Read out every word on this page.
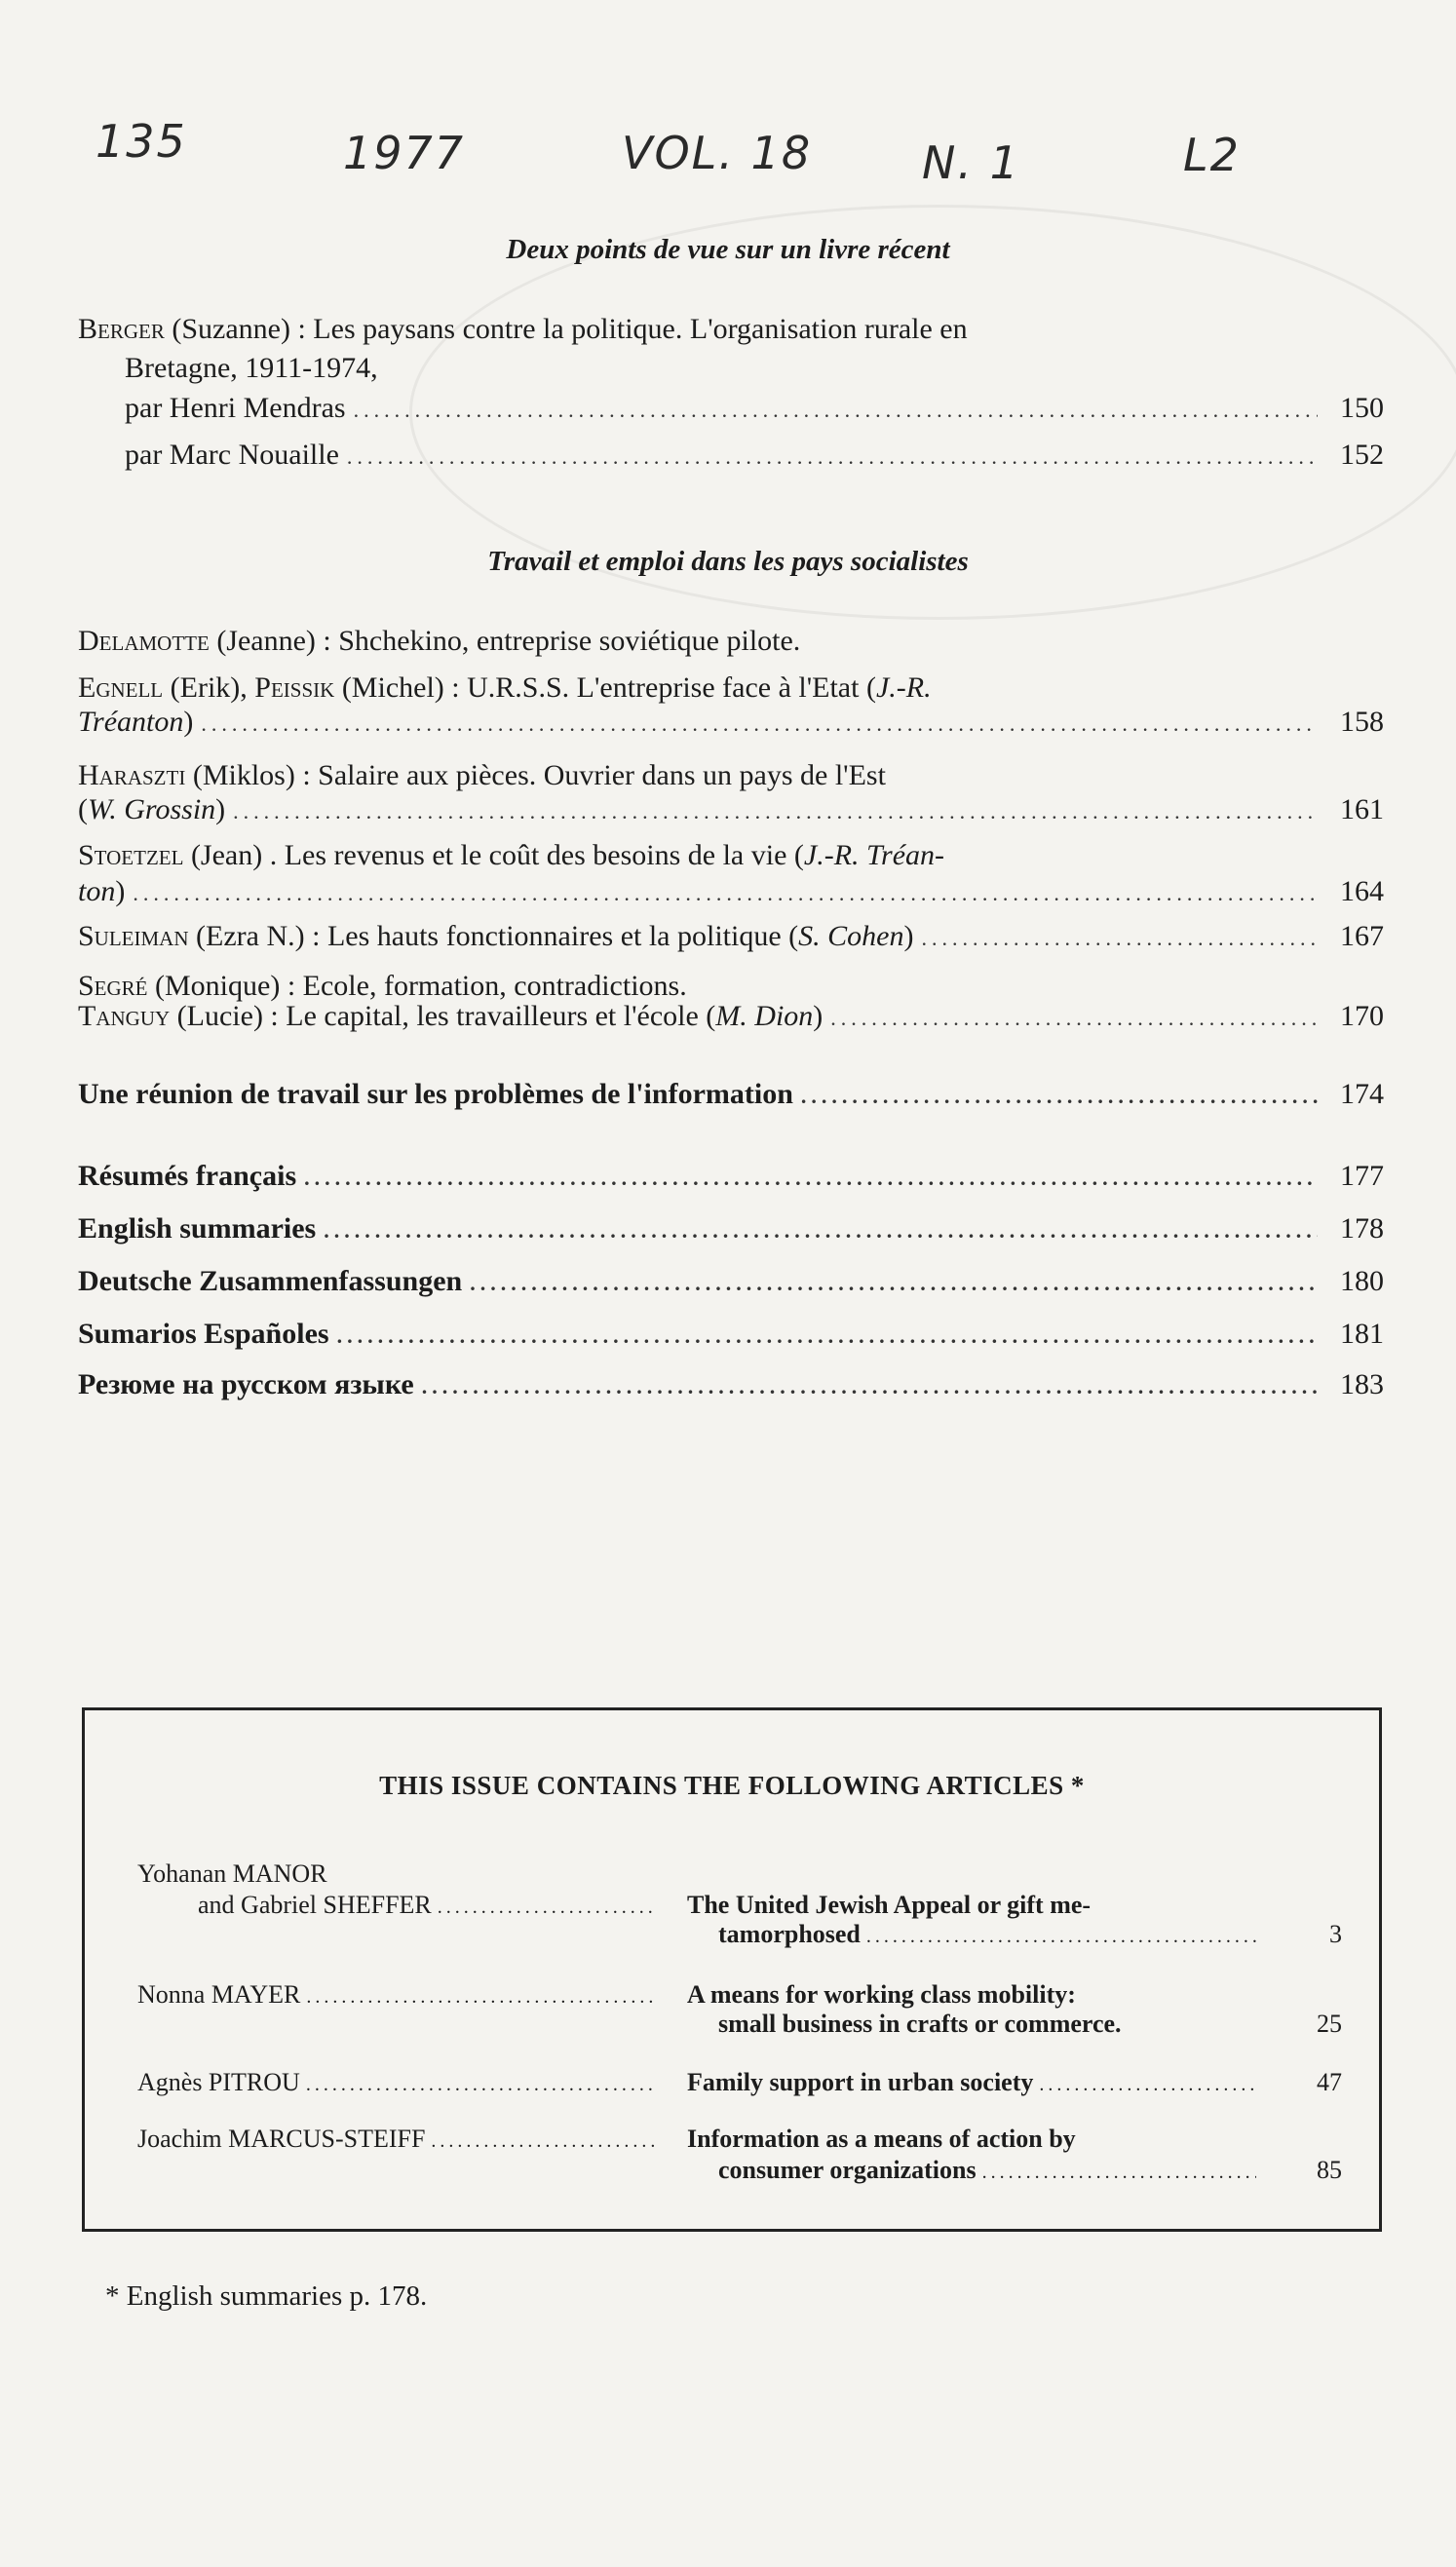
135	1977	VOL. 18 N. 1	L2
Deux points de vue sur un livre récent
Berger (Suzanne) : Les paysans contre la politique. L'organisation rurale en
Bretagne, 1911-1974,
par Henri Mendras .....	150
par Marc Nouaille .....	152
Travail et emploi dans les pays socialistes
Delamotte (Jeanne) : Shchekino, entreprise soviétique pilote.
Egnell (Erik), Peissik (Michel) : U.R.S.S. L'entreprise face à l'Etat (J.-R.
Tréanton) .....	158
Haraszti (Miklos) : Salaire aux pièces. Ouvrier dans un pays de l'Est
(W. Grossin) .....	161
Stoetzel (Jean) . Les revenus et le coût des besoins de la vie (J.-R. Tréan-
ton) .....	164
Suleiman (Ezra N.) : Les hauts fonctionnaires et la politique (S. Cohen) .....	167
Segré (Monique) : Ecole, formation, contradictions.
Tanguy (Lucie) : Le capital, les travailleurs et l'école (M. Dion) .....	170
Une réunion de travail sur les problèmes de l'information .....	174
Résumés français .....	177
English summaries .....	178
Deutsche Zusammenfassungen .....	180
Sumarios Españoles .....	181
Резюме на русском языке .....	183
THIS ISSUE CONTAINS THE FOLLOWING ARTICLES *
Yohanan MANOR
and Gabriel SHEFFER .....	The United Jewish Appeal or gift me-
tamorphosed .....	3
Nonna MAYER .....	A means for working class mobility:
small business in crafts or commerce.	25
Agnès PITROU .....	Family support in urban society .....	47
Joachim MARCUS-STEIFF .....	Information as a means of action by
consumer organizations .....	85
* English summaries p. 178.
